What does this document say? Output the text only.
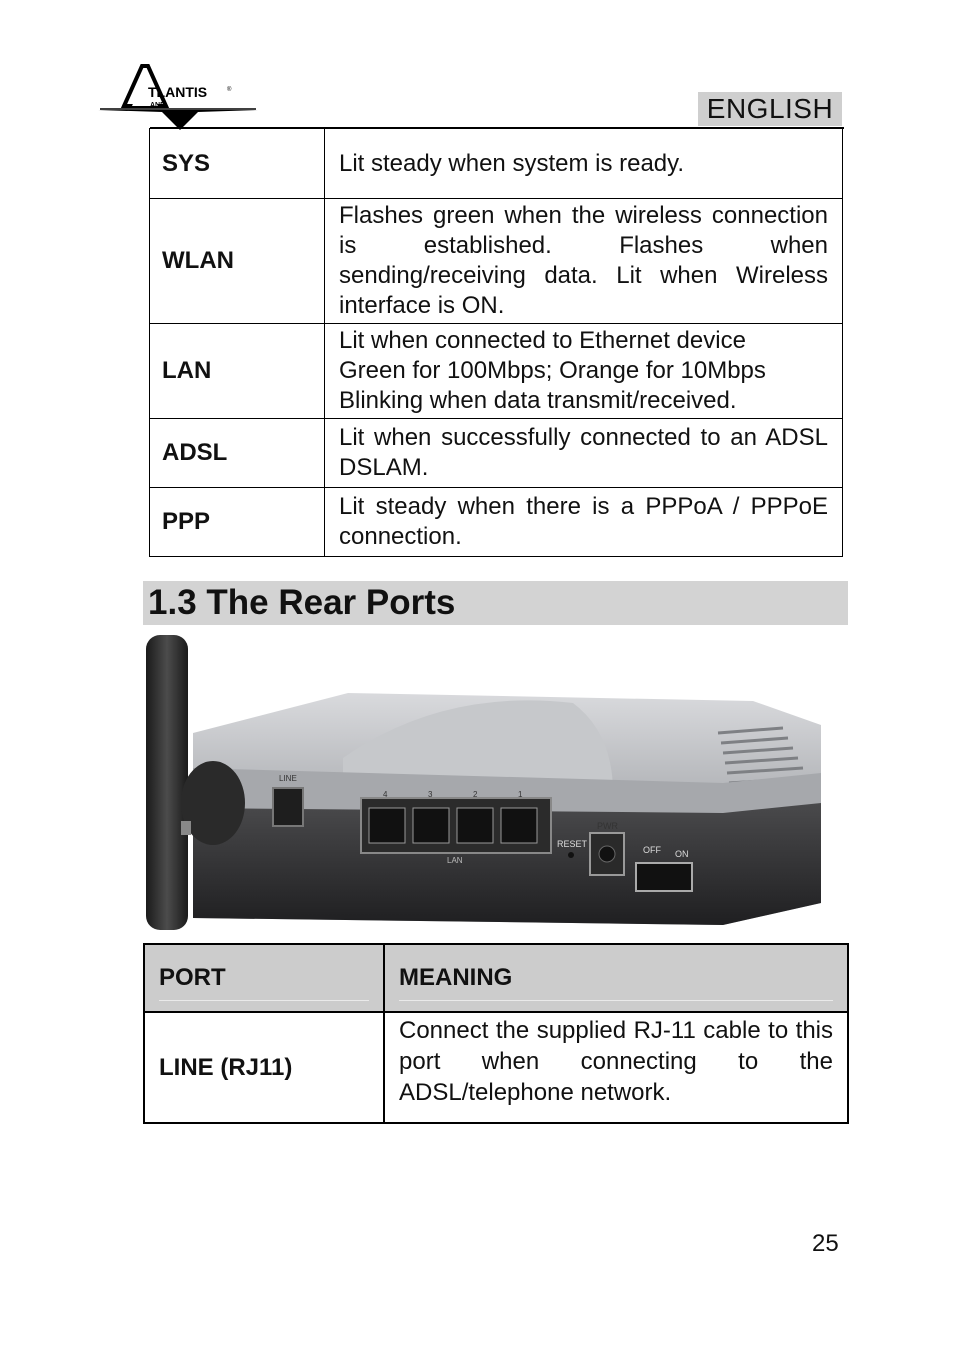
TLANTIS
AND
®
ENGLISH
SYS	Lit steady when system is ready.
WLAN	Flashes green when the wireless connection is established. Flashes when sending/receiving data. Lit when Wireless interface is ON.
LAN	Lit when connected to Ethernet device
Green for 100Mbps; Orange for 10Mbps
Blinking when data transmit/received.

ADSL	Lit when successfully connected to an ADSL DSLAM.
PPP	Lit steady when there is a PPPoA / PPPoE connection.
1.3 The Rear Ports
LINE
4	3	2	1
LAN
RESET
PWR
OFF ON
PORT	MEANING

LINE (RJ11)	Connect the supplied RJ-11 cable to this port when connecting to the ADSL/telephone network.
25
